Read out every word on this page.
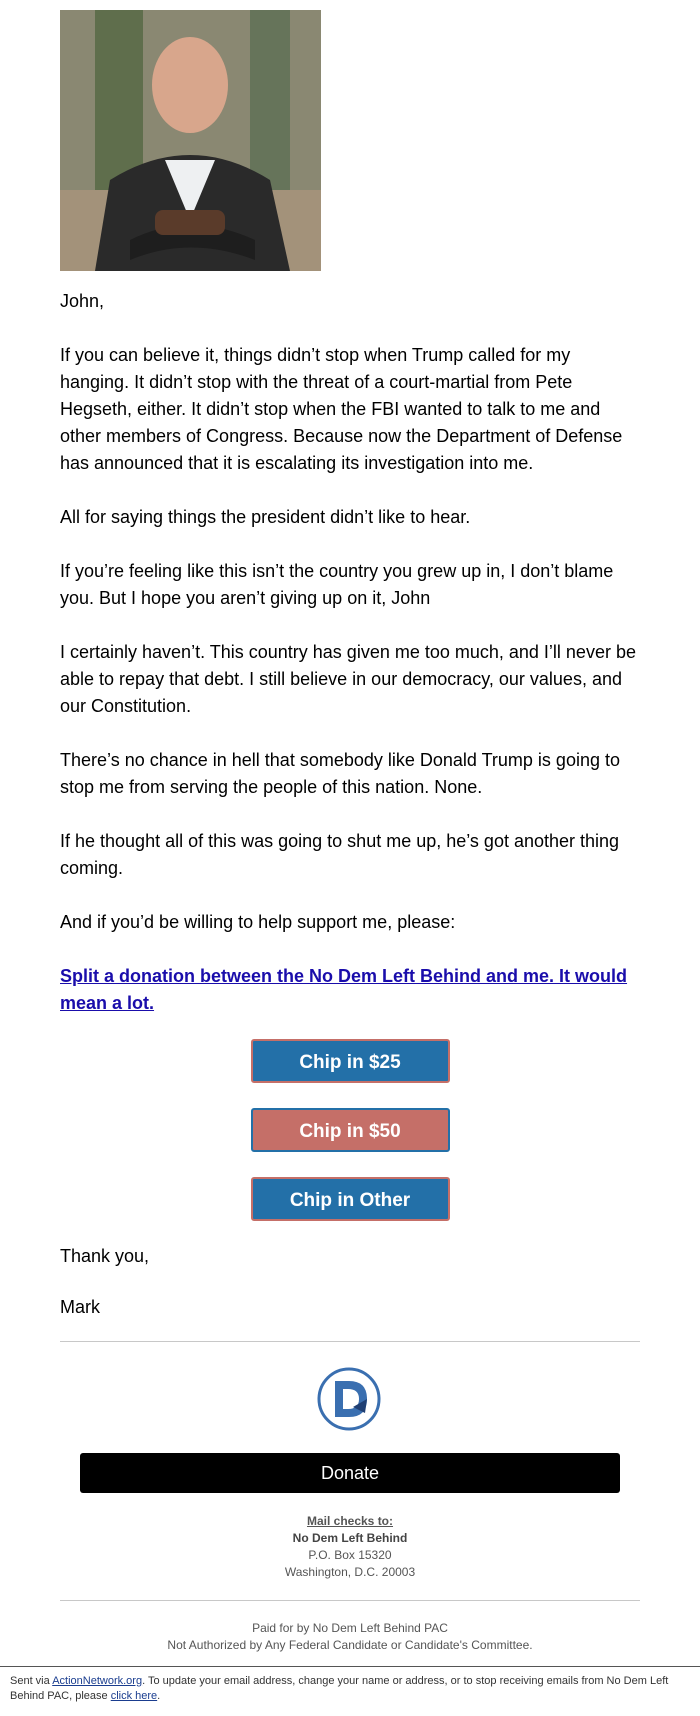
John,

If you can believe it, things didn’t stop when Trump called for my hanging. It didn’t stop with the threat of a court-martial from Pete Hegseth, either. It didn’t stop when the FBI wanted to talk to me and other members of Congress. Because now the Department of Defense has announced that it is escalating its investigation into me.

All for saying things the president didn’t like to hear.

If you’re feeling like this isn’t the country you grew up in, I don’t blame you. But I hope you aren’t giving up on it, John

I certainly haven’t. This country has given me too much, and I’ll never be able to repay that debt. I still believe in our democracy, our values, and our Constitution.

There’s no chance in hell that somebody like Donald Trump is going to stop me from serving the people of this nation. None.

If he thought all of this was going to shut me up, he’s got another thing coming.

And if you’d be willing to help support me, please:

Split a donation between the No Dem Left Behind and me. It would mean a lot.

Chip in $25
Chip in $50
Chip in Other

Thank you,

Mark

Donate
Mail checks to:
No Dem Left Behind
P.O. Box 15320
Washington, D.C. 20003
Paid for by No Dem Left Behind PAC
Not Authorized by Any Federal Candidate or Candidate's Committee.
Sent via ActionNetwork.org. To update your email address, change your name or address, or to stop receiving emails from No Dem Left Behind PAC, please click here.
